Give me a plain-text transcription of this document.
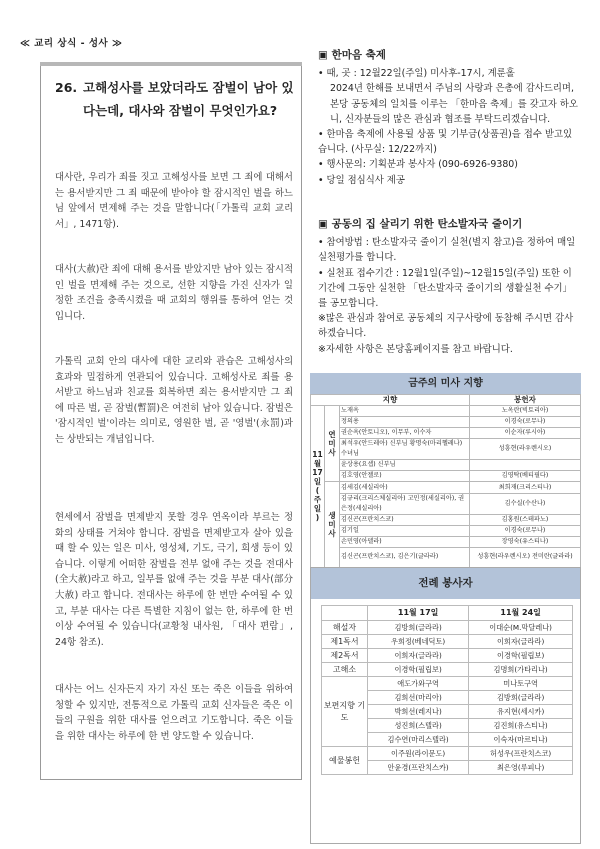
≪ 교리 상식 - 성사 ≫
26. 고해성사를 보았더라도 잠벌이 남아 있다는데, 대사와 잠벌이 무엇인가요?

대사란, 우리가 죄를 짓고 고해성사를 보면 그 죄에 대해서는 용서받지만 그 죄 때문에 받아야 할 잠시적인 벌을 하느님 앞에서 면제해 주는 것을 말합니다(「가톨릭 교회 교리서」, 1471항).

대사(大赦)란 죄에 대해 용서를 받았지만 남아 있는 잠시적인 벌을 면제해 주는 것으로, 선한 지향을 가진 신자가 일정한 조건을 충족시켰을 때 교회의 행위를 통하여 얻는 것입니다.

가톨릭 교회 안의 대사에 대한 교리와 관습은 고해성사의 효과와 밀접하게 연관되어 있습니다. 고해성사로 죄를 용서받고 하느님과 친교를 회복하면 죄는 용서받지만 그 죄에 따른 벌, 곧 잠벌(暫罰)은 여전히 남아 있습니다. 잠벌은 '잠시적인 벌'이라는 의미로, 영원한 벌, 곧 '영벌'(永罰)과는 상반되는 개념입니다.

현세에서 잠벌을 면제받지 못할 경우 연옥이라 부르는 정화의 상태를 거쳐야 합니다. 잠벌을 면제받고자 살아 있을 때 할 수 있는 일은 미사, 영성체, 기도, 극기, 희생 등이 있습니다. 이렇게 어떠한 잠벌을 전부 없애 주는 것을 전대사(全大赦)라고 하고, 일부를 없애 주는 것을 부분 대사(部分大赦) 라고 합니다. 전대사는 하루에 한 번만 수여될 수 있고, 부분 대사는 다른 특별한 지침이 없는 한, 하루에 한 번 이상 수여될 수 있습니다(교황청 내사원, 「대사 편람」, 24항 참조).

대사는 어느 신자든지 자기 자신 또는 죽은 이들을 위하여 청할 수 있지만, 전통적으로 가톨릭 교회 신자들은 죽은 이들의 구원을 위한 대사를 얻으려고 기도합니다. 죽은 이들을 위한 대사는 하루에 한 번 양도할 수 있습니다.

▣ 한마음 축제
• 때, 곳 : 12월22일(주일) 미사후-17시, 계룬홀
2024년 한해를 보내면서 주님의 사랑과 은총에 감사드리며, 본당 공동체의 일치를 이루는 「한마음 축제」를 갖고자 하오니, 신자분들의 많은 관심과 협조를 부탁드리겠습니다.
• 한마음 축제에 사용될 상품 및 기부금(상품권)을 접수 받고있습니다. (사무실: 12/22까지)
• 행사문의: 기획분과 봉사자 (090-6926-9380)
• 당일 점심식사 제공
▣ 공동의 집 살리기 위한 탄소발자국 줄이기
• 참여방법 : 탄소발자국 줄이기 실천(별지 참고)을 정하여 매일 실천평가를 합니다.
• 실천표 접수기간 : 12월1일(주일)~12월15일(주일) 또한 이 기간에 그동안 실천한 「탄소발자국 줄이기의 생활실천 수기」를 공모합니다.
※많은 관심과 참여로 공동체의 지구사랑에 동참해 주시면 감사하겠습니다.
※자세한 사항은 본당홈페이지를 참고 바랍니다.
금주의 미사 지향
지향			봉헌자
11월 17일 ( 주일 )	연미사	노재옥	노옥란(빅토리아)
		정의용	이경숙(로무나)
		권순옥(안토니오), 이무부, 이수자	이순자(루시아)
		최석우(안드레아) 신부님 황명숙(마리헬레나) 수녀님	성흥현(라우렌시오)
		윤상용(요셉) 신부님	
		김호영(안젤로)	김영탁(베티필다)
	생미사	김세김(세실리아)	최희재(크리스티나)
		김규리(크리스체실리아) 고민정(세실리아), 권은정(세실리아)	김수실(수산나)
		김신곤(프란치스코)	김홍원(스테파노)
		김기일	이경숙(로무나)
		손민영(아델라)	장영숙(유스티나)
		김신곤(프란치스코), 김은기(글라라)	성흥현(라우렌시오) 전미란(글라라)
전례 봉사자
	11월 17일	11월 24일
해설자	김방희(글라라)	이대순(M.막달레나)
제1독서	우희정(베네딕토)	이희자(글라라)
제2독서	이희자(글라라)	이경학(필립보)
고해소	이경학(필립보)	김명희(가타리나)
보편지향 기도	애도가와구역	미나토구역
	김희선(마리아)	김방희(글라라)
	박희선(레지나)	유지현(세시카)
	성진희(스텔라)	김진희(유스티나)
	김수연(마리스텔라)	이숙자(마르티나)
예물봉헌	이주원(라이문도)	허성우(프란치스코)
	안윤경(프란치스카)	최은영(루피나)
